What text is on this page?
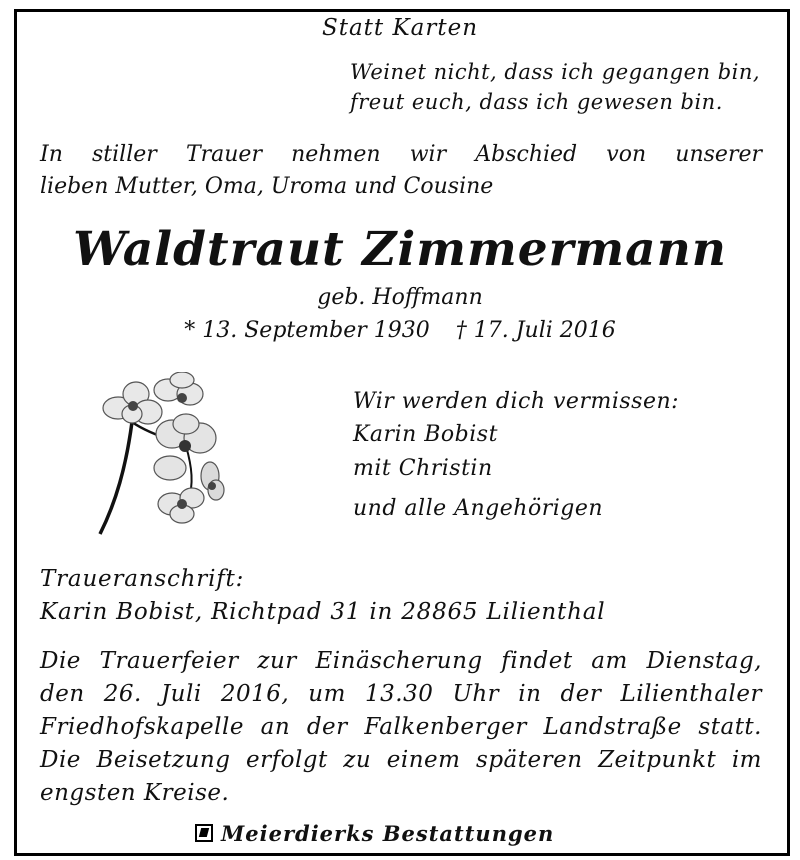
Statt Karten

Weinet nicht, dass ich gegangen bin,

freut euch, dass ich gewesen bin.

In stiller Trauer nehmen wir Abschied von unserer

lieben Mutter, Oma, Uroma und Cousine

Waldtraut Zimmermann

geb. Hoffmann

* 13. September 1930 † 17. Juli 2016

Wir werden dich vermissen:

Karin Bobist

mit Christin

und alle Angehörigen

Traueranschrift:

Karin Bobist, Richtpad 31 in 28865 Lilienthal

Die Trauerfeier zur Einäscherung findet am Dienstag,

den 26. Juli 2016, um 13.30 Uhr in der Lilienthaler

Friedhofskapelle an der Falkenberger Landstraße statt.

Die Beisetzung erfolgt zu einem späteren Zeitpunkt im

engsten Kreise.

Meierdierks Bestattungen
